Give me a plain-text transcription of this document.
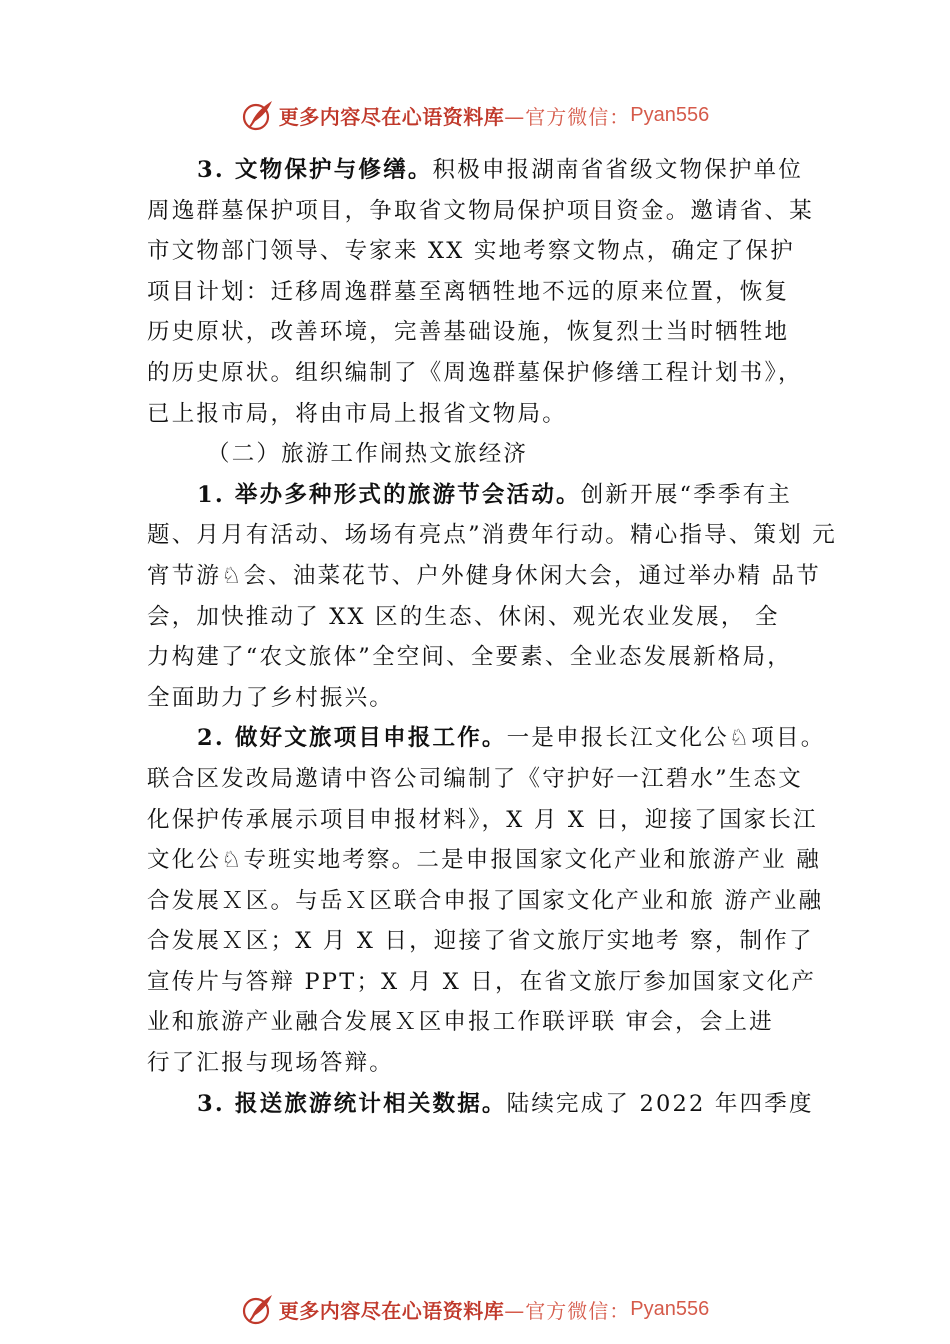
更多内容尽在心语资料库 —官方微信： Pyan556
3. 文物保护与修缮。积极申报湖南省省级文物保护单位
周逸群墓保护项目，争取省文物局保护项目资金。邀请省、某
市文物部门领导、专家来 XX 实地考察文物点，确定了保护
项目计划：迁移周逸群墓至离牺牲地不远的原来位置，恢复
历史原状，改善环境，完善基础设施，恢复烈士当时牺牲地
的历史原状。组织编制了《周逸群墓保护修缮工程计划书》，
已上报市局，将由市局上报省文物局。
（二）旅游工作闹热文旅经济
1. 举办多种形式的旅游节会活动。创新开展“季季有主
题、月月有活动、场场有亮点”消费年行动。精心指导、策划 元
宵节游♘会、油菜花节、户外健身休闲大会，通过举办精 品节
会，加快推动了 XX 区的生态、休闲、观光农业发展， 全
力构建了“农文旅体”全空间、全要素、全业态发展新格局，
全面助力了乡村振兴。
2. 做好文旅项目申报工作。一是申报长江文化公♘项目。
联合区发改局邀请中咨公司编制了《守护好一江碧水”生态文
化保护传承展示项目申报材料》，X 月 X 日，迎接了国家长江
文化公♘专班实地考察。二是申报国家文化产业和旅游产业 融
合发展Ｘ区。与岳Ｘ区联合申报了国家文化产业和旅 游产业融
合发展Ｘ区；X 月 X 日，迎接了省文旅厅实地考 察，制作了
宣传片与答辩 PPT；X 月 X 日，在省文旅厅参加国家文化产
业和旅游产业融合发展Ｘ区申报工作联评联 审会，会上进
行了汇报与现场答辩。
3. 报送旅游统计相关数据。陆续完成了 2022 年四季度
更多内容尽在心语资料库 —官方微信： Pyan556
